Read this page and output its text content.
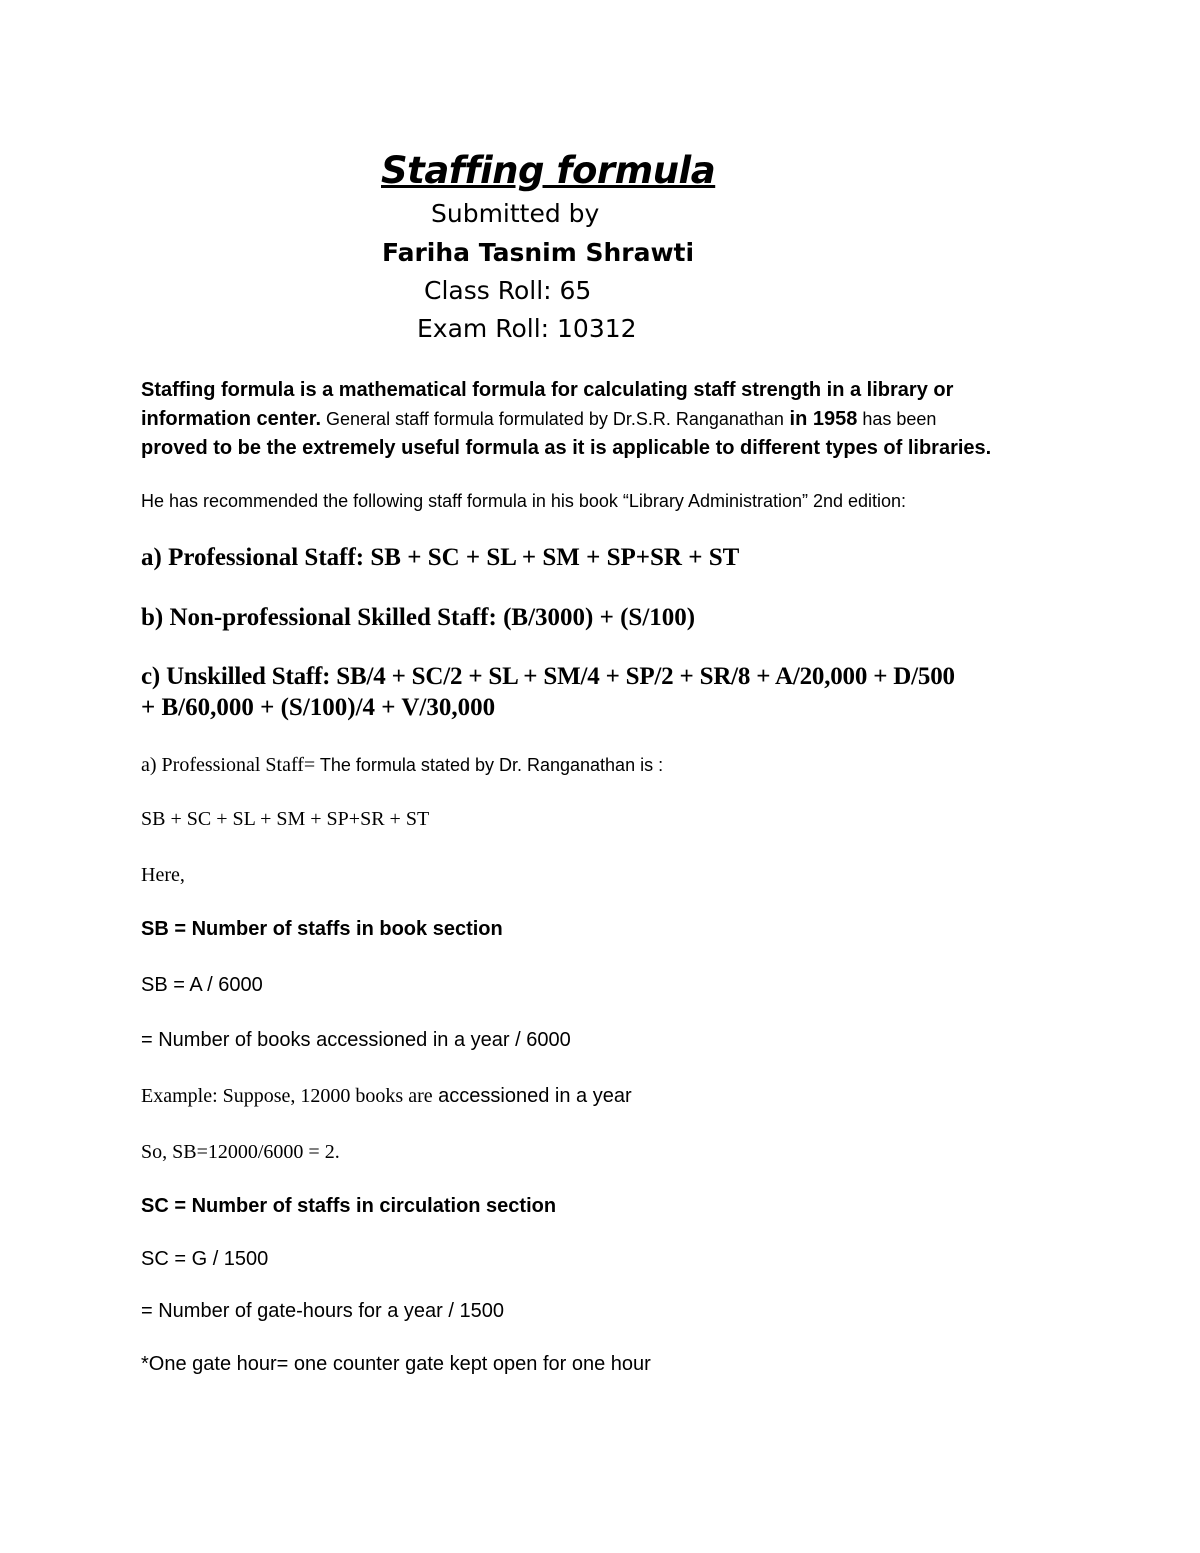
Staffing formula
Submitted by
Fariha Tasnim Shrawti
Class Roll: 65
Exam Roll: 10312
Staffing formula is a mathematical formula for calculating staff strength in a library or information center. General staff formula formulated by Dr.S.R. Ranganathan in 1958 has been
proved to be the extremely useful formula as it is applicable to different types of libraries.
He has recommended the following staff formula in his book “Library Administration” 2nd edition:
a) Professional Staff: SB + SC + SL + SM + SP+SR + ST
b) Non-professional Skilled Staff: (B/3000) + (S/100)
c) Unskilled Staff: SB/4 + SC/2 + SL + SM/4 + SP/2 + SR/8 + A/20,000 + D/500
+ B/60,000 + (S/100)/4 + V/30,000
a) Professional Staff= The formula stated by Dr. Ranganathan is :
SB + SC + SL + SM + SP+SR + ST
Here,
SB = Number of staffs in book section
SB = A / 6000
= Number of books accessioned in a year / 6000
Example: Suppose, 12000 books are accessioned in a year
So, SB=12000/6000 = 2.
SC = Number of staffs in circulation section
SC = G / 1500
= Number of gate-hours for a year / 1500
*One gate hour= one counter gate kept open for one hour
